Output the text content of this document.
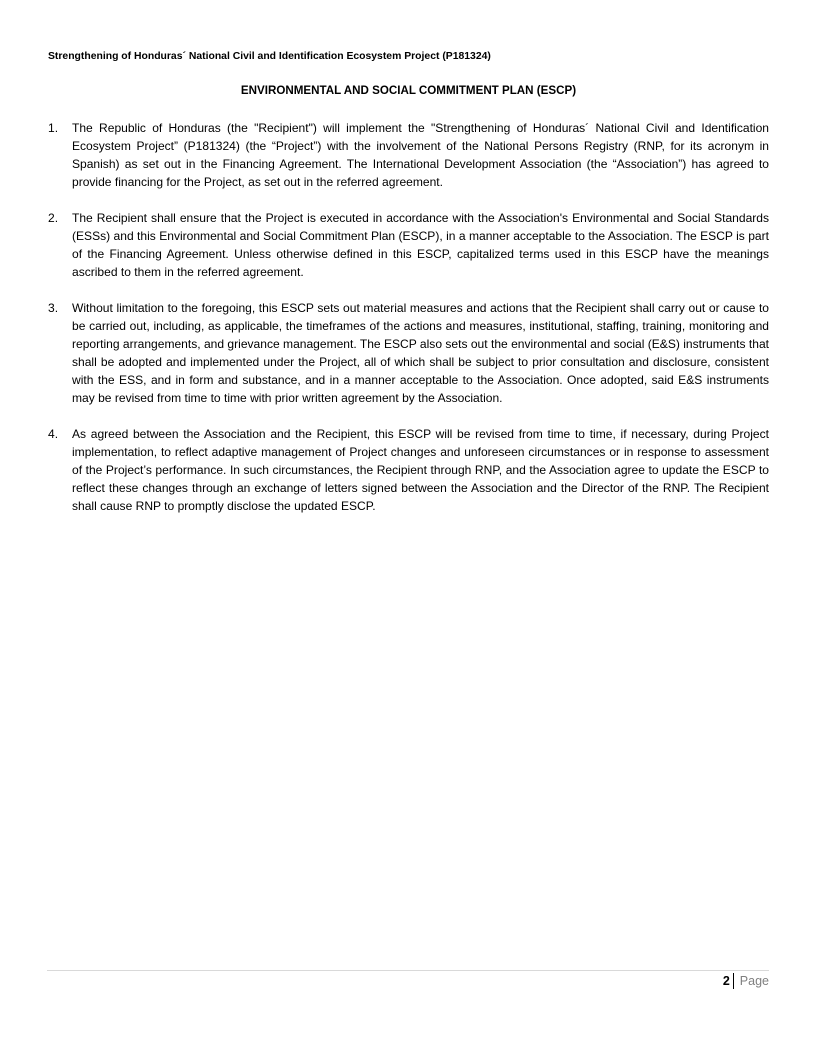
Strengthening of Honduras´ National Civil and Identification Ecosystem Project (P181324)
ENVIRONMENTAL AND SOCIAL COMMITMENT PLAN (ESCP)
1. The Republic of Honduras (the "Recipient") will implement the "Strengthening of Honduras´ National Civil and Identification Ecosystem Project” (P181324) (the “Project”) with the involvement of the National Persons Registry (RNP, for its acronym in Spanish) as set out in the Financing Agreement. The International Development Association (the “Association”) has agreed to provide financing for the Project, as set out in the referred agreement.
2. The Recipient shall ensure that the Project is executed in accordance with the Association's Environmental and Social Standards (ESSs) and this Environmental and Social Commitment Plan (ESCP), in a manner acceptable to the Association. The ESCP is part of the Financing Agreement. Unless otherwise defined in this ESCP, capitalized terms used in this ESCP have the meanings ascribed to them in the referred agreement.
3. Without limitation to the foregoing, this ESCP sets out material measures and actions that the Recipient shall carry out or cause to be carried out, including, as applicable, the timeframes of the actions and measures, institutional, staffing, training, monitoring and reporting arrangements, and grievance management. The ESCP also sets out the environmental and social (E&S) instruments that shall be adopted and implemented under the Project, all of which shall be subject to prior consultation and disclosure, consistent with the ESS, and in form and substance, and in a manner acceptable to the Association. Once adopted, said E&S instruments may be revised from time to time with prior written agreement by the Association.
4. As agreed between the Association and the Recipient, this ESCP will be revised from time to time, if necessary, during Project implementation, to reflect adaptive management of Project changes and unforeseen circumstances or in response to assessment of the Project’s performance. In such circumstances, the Recipient through RNP, and the Association agree to update the ESCP to reflect these changes through an exchange of letters signed between the Association and the Director of the RNP. The Recipient shall cause RNP to promptly disclose the updated ESCP.
2 Page
